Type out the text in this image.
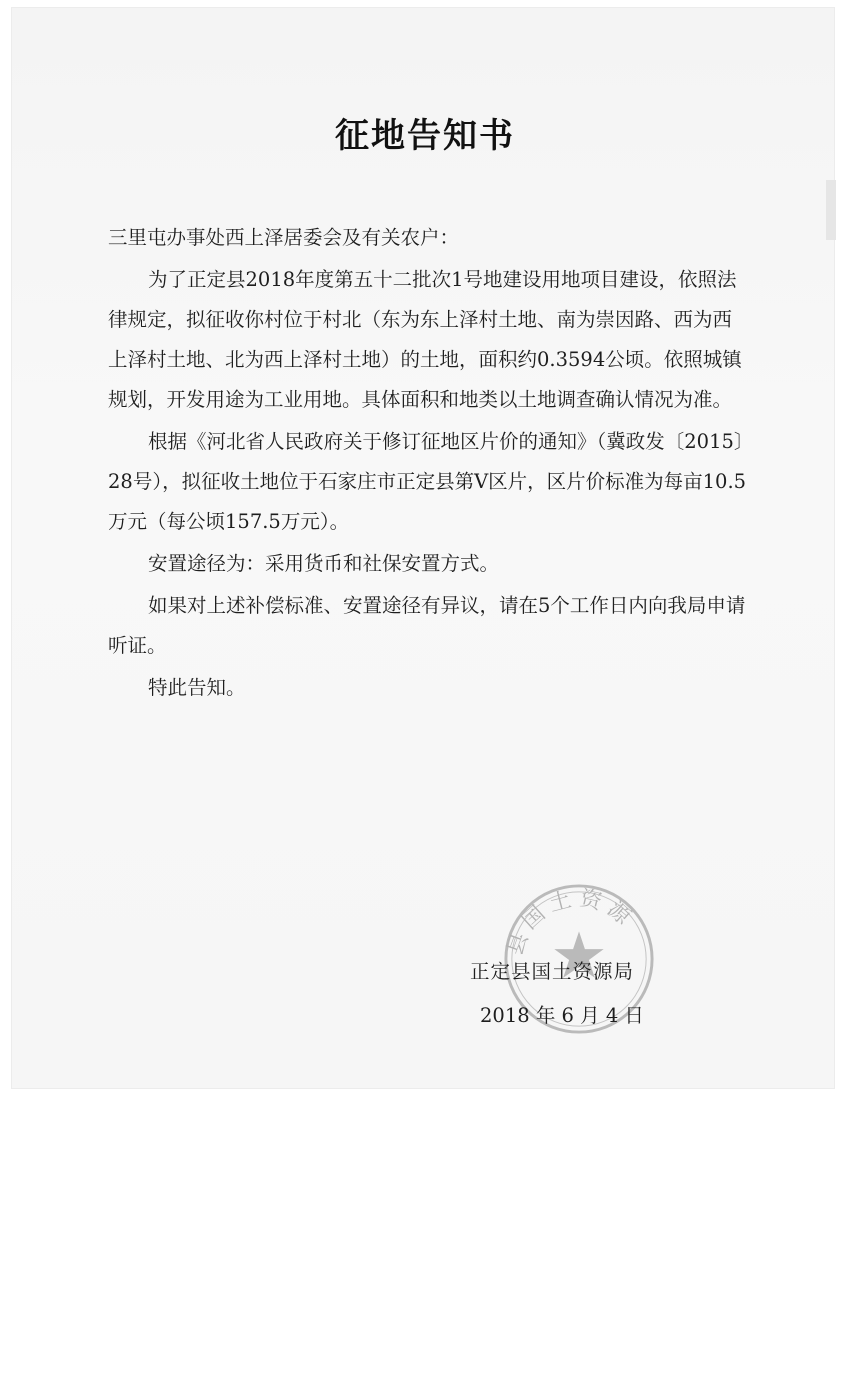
征地告知书

三里屯办事处西上泽居委会及有关农户：

为了正定县2018年度第五十二批次1号地建设用地项目建设，依照法律规定，拟征收你村位于村北（东为东上泽村土地、南为崇因路、西为西上泽村土地、北为西上泽村土地）的土地，面积约0.3594公顷。依照城镇规划，开发用途为工业用地。具体面积和地类以土地调查确认情况为准。

根据《河北省人民政府关于修订征地区片价的通知》（冀政发〔2015〕28号），拟征收土地位于石家庄市正定县第Ⅴ区片，区片价标准为每亩10.5万元（每公顷157.5万元）。

安置途径为：采用货币和社保安置方式。

如果对上述补偿标准、安置途径有异议，请在5个工作日内向我局申请听证。

特此告知。

县国土资源
正定县国土资源局
2018 年 6 月 4 日
